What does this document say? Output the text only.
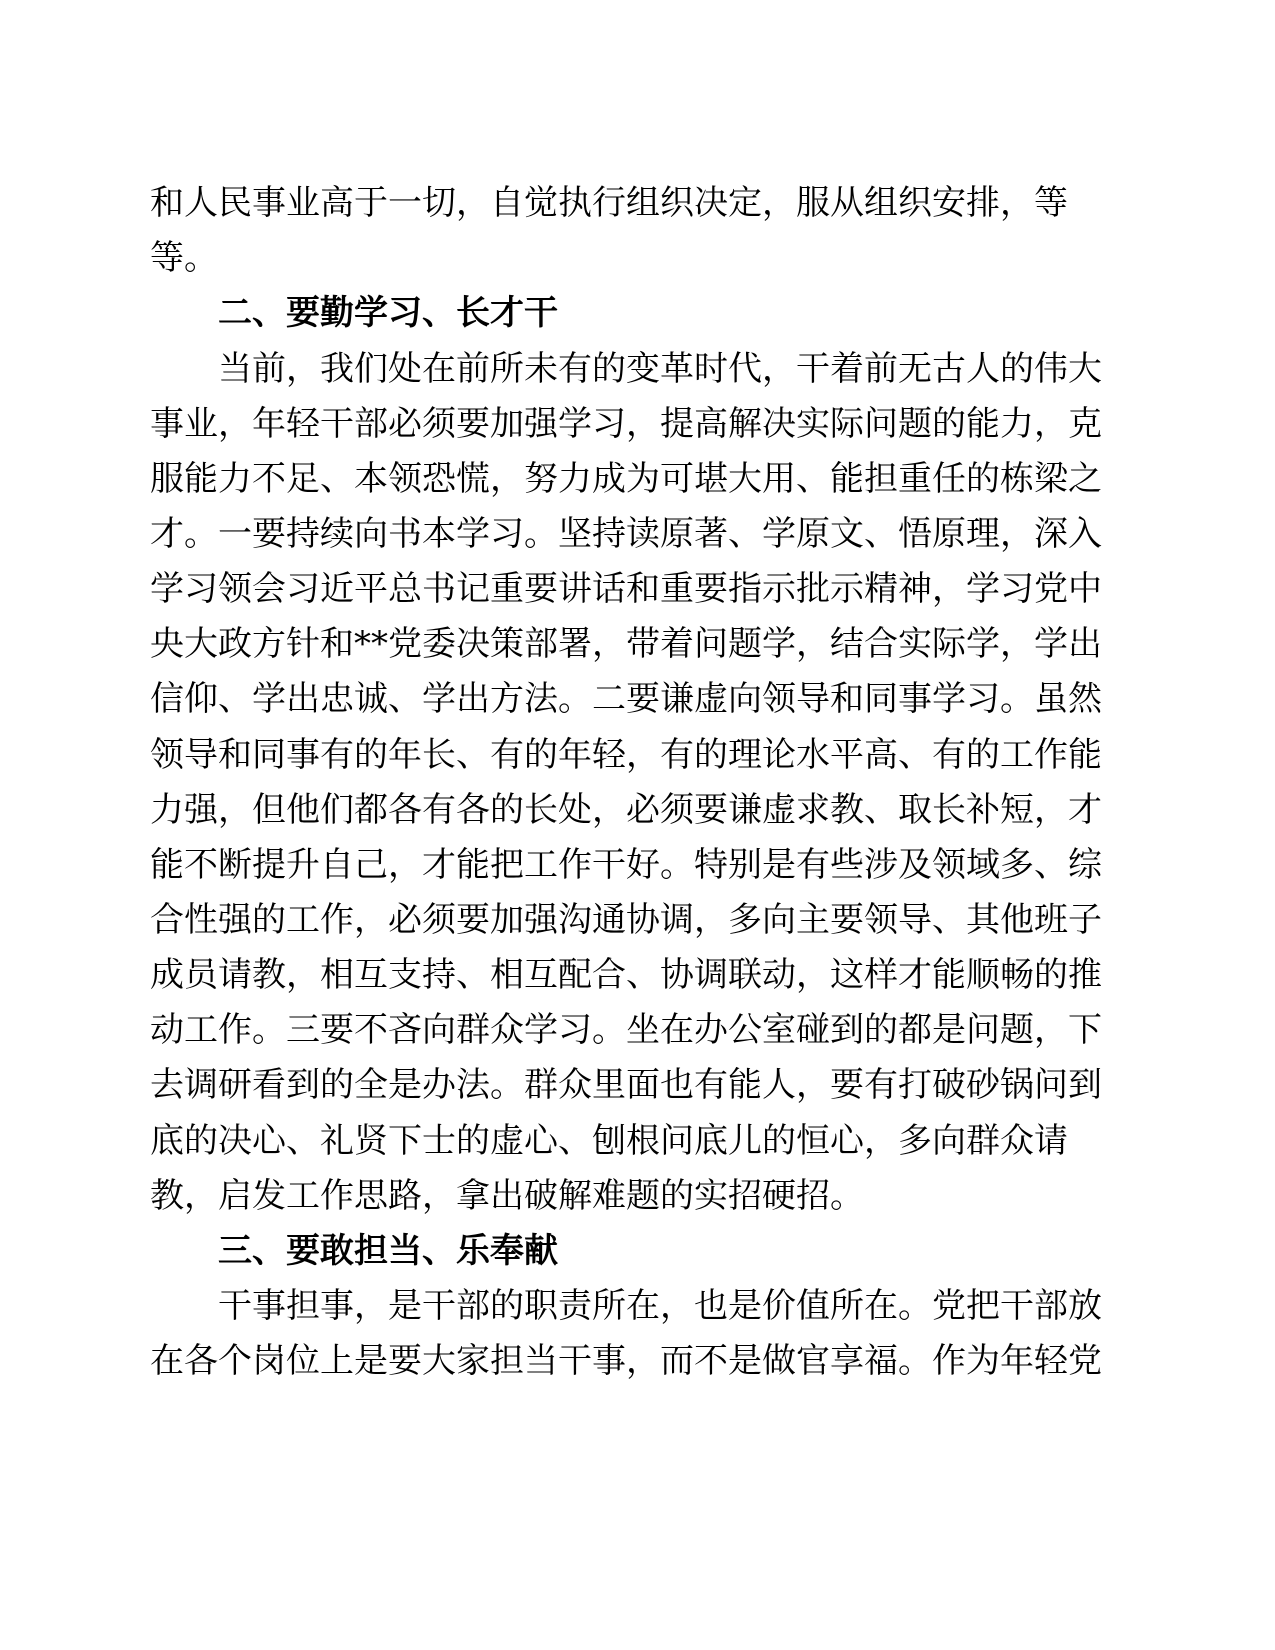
和人民事业高于一切，自觉执行组织决定，服从组织安排，等
等。
二、要勤学习、长才干
当前，我们处在前所未有的变革时代，干着前无古人的伟大
事业，年轻干部必须要加强学习，提高解决实际问题的能力，克
服能力不足、本领恐慌，努力成为可堪大用、能担重任的栋梁之
才。一要持续向书本学习。坚持读原著、学原文、悟原理，深入
学习领会习近平总书记重要讲话和重要指示批示精神，学习党中
央大政方针和**党委决策部署，带着问题学，结合实际学，学出
信仰、学出忠诚、学出方法。二要谦虚向领导和同事学习。虽然
领导和同事有的年长、有的年轻，有的理论水平高、有的工作能
力强，但他们都各有各的长处，必须要谦虚求教、取长补短，才
能不断提升自己，才能把工作干好。特别是有些涉及领域多、综
合性强的工作，必须要加强沟通协调，多向主要领导、其他班子
成员请教，相互支持、相互配合、协调联动，这样才能顺畅的推
动工作。三要不吝向群众学习。坐在办公室碰到的都是问题，下
去调研看到的全是办法。群众里面也有能人，要有打破砂锅问到
底的决心、礼贤下士的虚心、刨根问底儿的恒心，多向群众请
教，启发工作思路，拿出破解难题的实招硬招。
三、要敢担当、乐奉献
干事担事，是干部的职责所在，也是价值所在。党把干部放
在各个岗位上是要大家担当干事，而不是做官享福。作为年轻党
